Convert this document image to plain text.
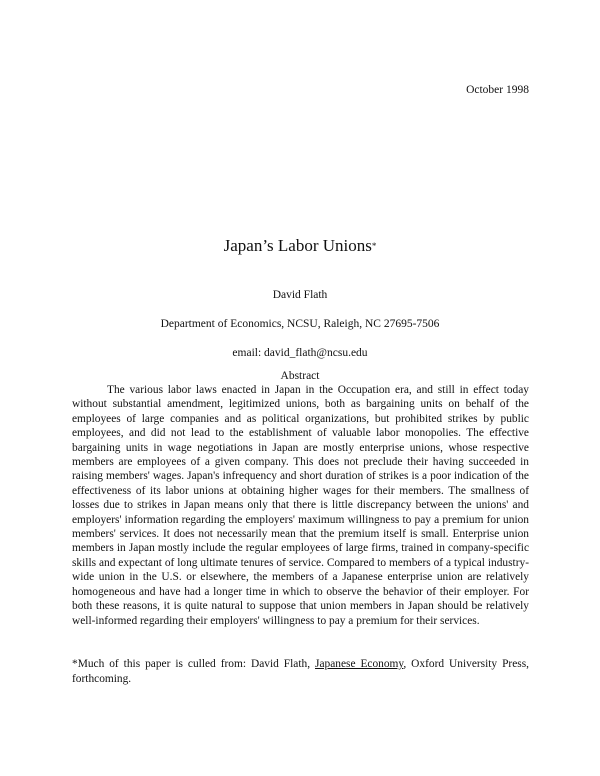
October 1998
Japan’s Labor Unions*
David Flath
Department of Economics, NCSU, Raleigh, NC 27695-7506
email: david_flath@ncsu.edu
Abstract

The various labor laws enacted in Japan in the Occupation era, and still in effect today without substantial amendment, legitimized unions, both as bargaining units on behalf of the employees of large companies and as political organizations, but prohibited strikes by public employees, and did not lead to the establishment of valuable labor monopolies. The effective bargaining units in wage negotiations in Japan are mostly enterprise unions, whose respective members are employees of a given company. This does not preclude their having succeeded in raising members' wages. Japan's infrequency and short duration of strikes is a poor indication of the effectiveness of its labor unions at obtaining higher wages for their members. The smallness of losses due to strikes in Japan means only that there is little discrepancy between the unions' and employers' information regarding the employers' maximum willingness to pay a premium for union members' services. It does not necessarily mean that the premium itself is small. Enterprise union members in Japan mostly include the regular employees of large firms, trained in company-specific skills and expectant of long ultimate tenures of service. Compared to members of a typical industry-wide union in the U.S. or elsewhere, the members of a Japanese enterprise union are relatively homogeneous and have had a longer time in which to observe the behavior of their employer. For both these reasons, it is quite natural to suppose that union members in Japan should be relatively well-informed regarding their employers' willingness to pay a premium for their services.

*Much of this paper is culled from: David Flath, Japanese Economy, Oxford University Press, forthcoming.
